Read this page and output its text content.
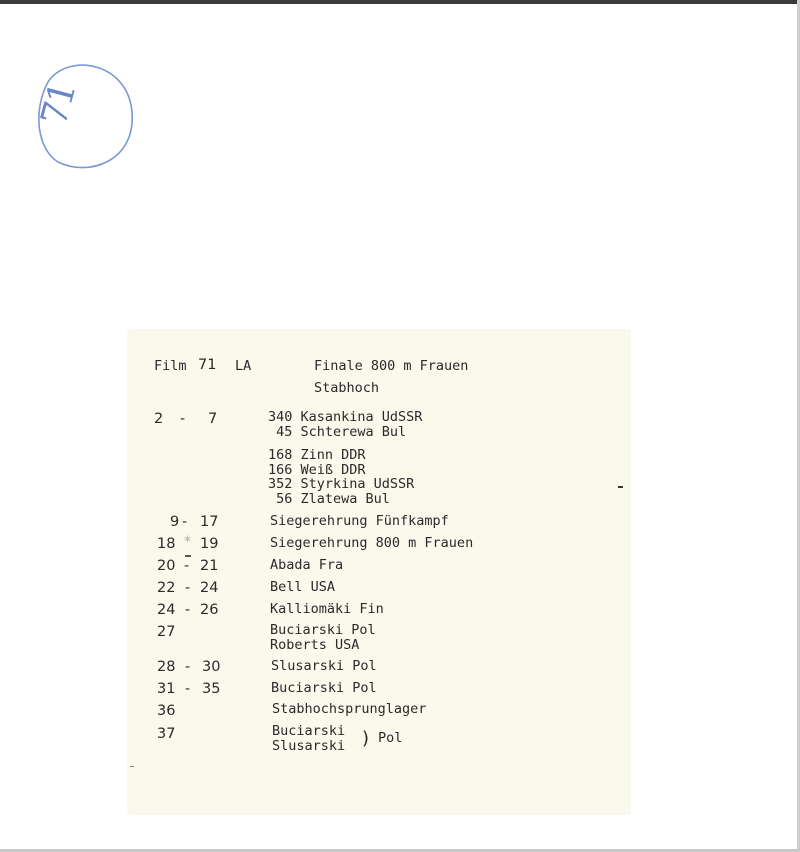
71
Film 71 LA	Finale 800 m Frauen
Stabhoch
2 - 7	340 Kasankina UdSSR
45 Schterewa Bul
168 Zinn DDR
166 Weiß DDR
352 Styrkina UdSSR
56 Zlatewa Bul
9 - 17	Siegerehrung Fünfkampf
18 * 19	Siegerehrung 800 m Frauen
20 - 21	Abada Fra
22 - 24	Bell USA
24 - 26	Kalliomäki Fin
27	Buciarski Pol
Roberts USA
28 - 30	Slusarski Pol
31 - 35	Buciarski Pol
36	Stabhochsprunglager
37	Buciarski
Slusarski ) Pol
